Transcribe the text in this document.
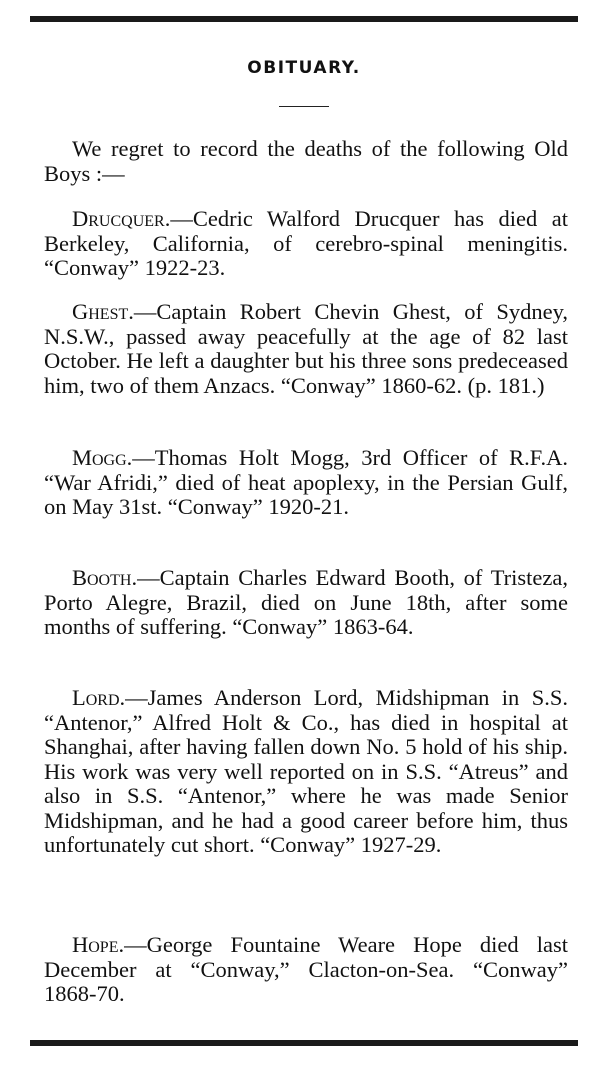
OBITUARY.

We regret to record the deaths of the following Old Boys :—

Drucquer.—Cedric Walford Drucquer has died at Berkeley, California, of cerebro-spinal meningitis. “Conway” 1922-23.

Ghest.—Captain Robert Chevin Ghest, of Sydney, N.S.W., passed away peacefully at the age of 82 last October. He left a daughter but his three sons predeceased him, two of them Anzacs. “Conway” 1860-62. (p. 181.)

Mogg.—Thomas Holt Mogg, 3rd Officer of R.F.A. “War Afridi,” died of heat apoplexy, in the Persian Gulf, on May 31st. “Conway” 1920-21.

Booth.—Captain Charles Edward Booth, of Tristeza, Porto Alegre, Brazil, died on June 18th, after some months of suffering. “Conway” 1863-64.

Lord.—James Anderson Lord, Midshipman in S.S. “Antenor,” Alfred Holt & Co., has died in hospital at Shanghai, after having fallen down No. 5 hold of his ship. His work was very well reported on in S.S. “Atreus” and also in S.S. “Antenor,” where he was made Senior Midshipman, and he had a good career before him, thus unfortunately cut short. “Conway” 1927-29.

Hope.—George Fountaine Weare Hope died last December at “Conway,” Clacton-on-Sea. “Conway” 1868-70.
